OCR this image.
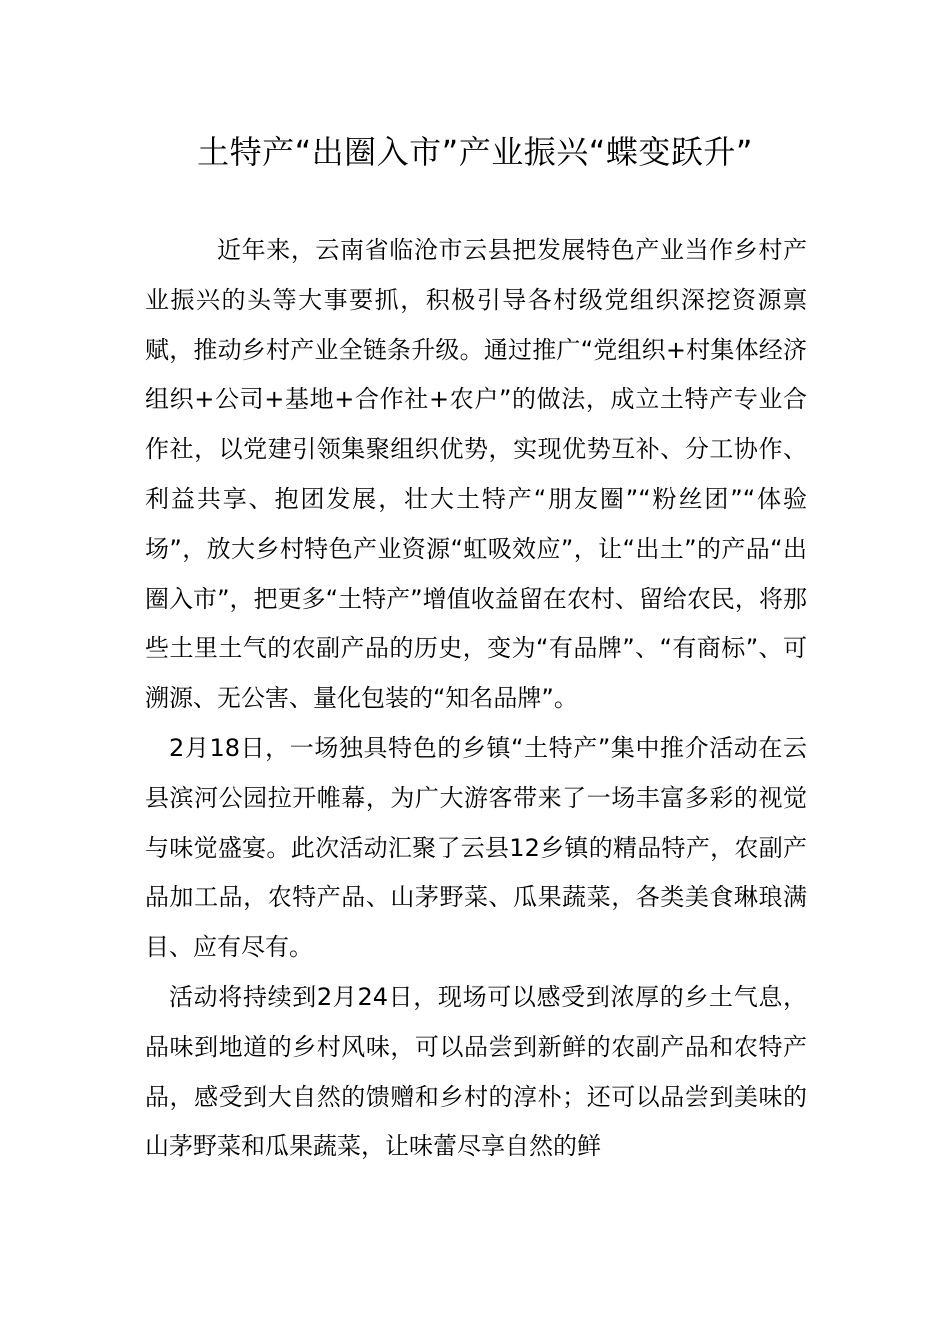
土特产“出圈入市”产业振兴“蝶变跃升”

近年来，云南省临沧市云县把发展特色产业当作乡村产业振兴的头等大事要抓，积极引导各村级党组织深挖资源禀赋，推动乡村产业全链条升级。通过推广“党组织+村集体经济组织+公司+基地+合作社+农户”的做法，成立土特产专业合作社，以党建引领集聚组织优势，实现优势互补、分工协作、利益共享、抱团发展，壮大土特产“朋友圈”“粉丝团”“体验场”，放大乡村特色产业资源“虹吸效应”，让“出土”的产品“出圈入市”，把更多“土特产”增值收益留在农村、留给农民，将那些土里土气的农副产品的历史，变为“有品牌”、“有商标”、可溯源、无公害、量化包装的“知名品牌”。

2月18日，一场独具特色的乡镇“土特产”集中推介活动在云县滨河公园拉开帷幕，为广大游客带来了一场丰富多彩的视觉与味觉盛宴。此次活动汇聚了云县12乡镇的精品特产，农副产品加工品，农特产品、山茅野菜、瓜果蔬菜，各类美食琳琅满目、应有尽有。

活动将持续到2月24日，现场可以感受到浓厚的乡土气息，品味到地道的乡村风味，可以品尝到新鲜的农副产品和农特产品，感受到大自然的馈赠和乡村的淳朴；还可以品尝到美味的山茅野菜和瓜果蔬菜，让味蕾尽享自然的鲜
